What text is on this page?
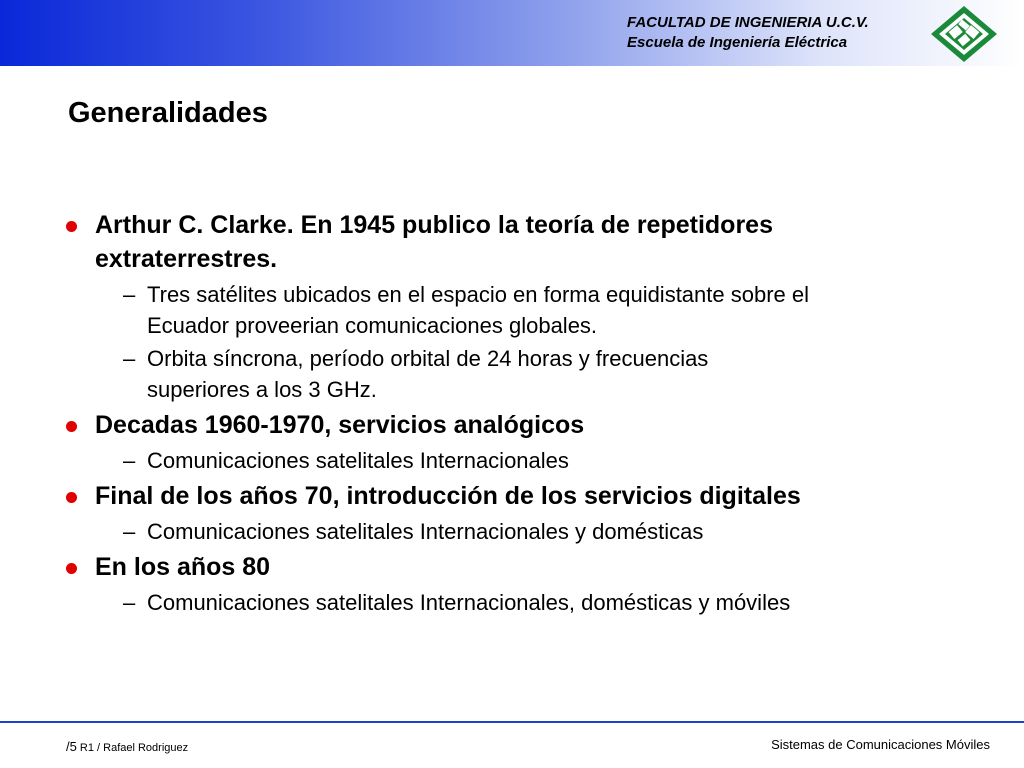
FACULTAD DE INGENIERIA U.C.V.
Escuela de Ingeniería Eléctrica
Generalidades
Arthur C. Clarke. En 1945 publico la teoría de repetidores
extraterrestres.
– Tres satélites ubicados en el espacio en forma equidistante sobre el
Ecuador proveerian comunicaciones globales.
– Orbita síncrona, período orbital de 24 horas y frecuencias
superiores a los 3 GHz.
Decadas 1960-1970, servicios analógicos
– Comunicaciones satelitales Internacionales
Final de los años 70, introducción de los servicios digitales
– Comunicaciones satelitales Internacionales y domésticas
En los años 80
– Comunicaciones satelitales Internacionales, domésticas y móviles
/5 R1 / Rafael Rodriguez	Sistemas de Comunicaciones Móviles
